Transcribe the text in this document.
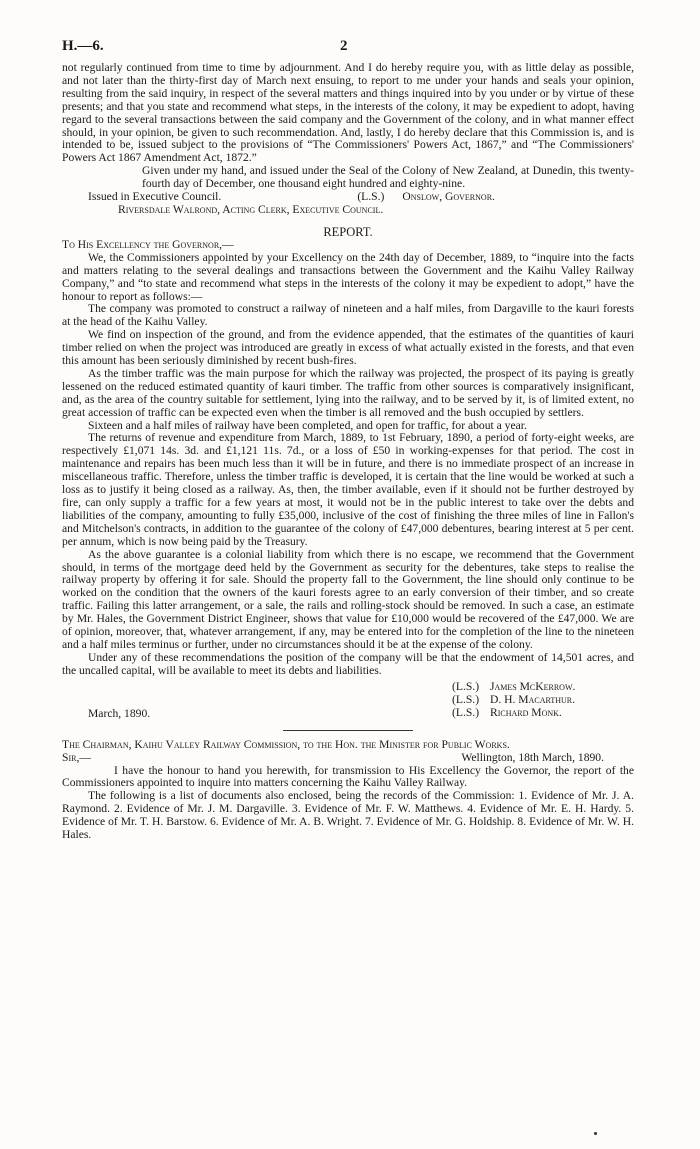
H.—6.	2

not regularly continued from time to time by adjournment. And I do hereby require you, with as little delay as possible, and not later than the thirty-first day of March next ensuing, to report to me under your hands and seals your opinion, resulting from the said inquiry, in respect of the several matters and things inquired into by you under or by virtue of these presents; and that you state and recommend what steps, in the interests of the colony, it may be expedient to adopt, having regard to the several transactions between the said company and the Government of the colony, and in what manner effect should, in your opinion, be given to such recommendation. And, lastly, I do hereby declare that this Commission is, and is intended to be, issued subject to the provisions of “The Commissioners' Powers Act, 1867,” and “The Commissioners' Powers Act 1867 Amendment Act, 1872.”

Given under my hand, and issued under the Seal of the Colony of New Zealand, at Dunedin, this twenty-fourth day of December, one thousand eight hundred and eighty-nine.

Issued in Executive Council.	(L.S.) Onslow, Governor.
Riversdale Walrond, Acting Clerk, Executive Council.
REPORT.
To His Excellency the Governor,—

We, the Commissioners appointed by your Excellency on the 24th day of December, 1889, to “inquire into the facts and matters relating to the several dealings and transactions between the Government and the Kaihu Valley Railway Company,” and “to state and recommend what steps in the interests of the colony it may be expedient to adopt,” have the honour to report as follows:—

The company was promoted to construct a railway of nineteen and a half miles, from Dargaville to the kauri forests at the head of the Kaihu Valley.

We find on inspection of the ground, and from the evidence appended, that the estimates of the quantities of kauri timber relied on when the project was introduced are greatly in excess of what actually existed in the forests, and that even this amount has been seriously diminished by recent bush-fires.

As the timber traffic was the main purpose for which the railway was projected, the prospect of its paying is greatly lessened on the reduced estimated quantity of kauri timber. The traffic from other sources is comparatively insignificant, and, as the area of the country suitable for settlement, lying into the railway, and to be served by it, is of limited extent, no great accession of traffic can be expected even when the timber is all removed and the bush occupied by settlers.

Sixteen and a half miles of railway have been completed, and open for traffic, for about a year.

The returns of revenue and expenditure from March, 1889, to 1st February, 1890, a period of forty-eight weeks, are respectively £1,071 14s. 3d. and £1,121 11s. 7d., or a loss of £50 in working-expenses for that period. The cost in maintenance and repairs has been much less than it will be in future, and there is no immediate prospect of an increase in miscellaneous traffic. Therefore, unless the timber traffic is developed, it is certain that the line would be worked at such a loss as to justify it being closed as a railway. As, then, the timber available, even if it should not be further destroyed by fire, can only supply a traffic for a few years at most, it would not be in the public interest to take over the debts and liabilities of the company, amounting to fully £35,000, inclusive of the cost of finishing the three miles of line in Fallon's and Mitchelson's contracts, in addition to the guarantee of the colony of £47,000 debentures, bearing interest at 5 per cent. per annum, which is now being paid by the Treasury.

As the above guarantee is a colonial liability from which there is no escape, we recommend that the Government should, in terms of the mortgage deed held by the Government as security for the debentures, take steps to realise the railway property by offering it for sale. Should the property fall to the Government, the line should only continue to be worked on the condition that the owners of the kauri forests agree to an early conversion of their timber, and so create traffic. Failing this latter arrangement, or a sale, the rails and rolling-stock should be removed. In such a case, an estimate by Mr. Hales, the Government District Engineer, shows that value for £10,000 would be recovered of the £47,000. We are of opinion, moreover, that, whatever arrangement, if any, may be entered into for the completion of the line to the nineteen and a half miles terminus or further, under no circumstances should it be at the expense of the colony.

Under any of these recommendations the position of the company will be that the endowment of 14,501 acres, and the uncalled capital, will be available to meet its debts and liabilities.

(L.S.) James McKerrow.
(L.S.) D. H. Macarthur.
(L.S.) Richard Monk.
March, 1890.
The Chairman, Kaihu Valley Railway Commission, to the Hon. the Minister for Public Works.
Sir,—	Wellington, 18th March, 1890.

I have the honour to hand you herewith, for transmission to His Excellency the Governor, the report of the Commissioners appointed to inquire into matters concerning the Kaihu Valley Railway.

The following is a list of documents also enclosed, being the records of the Commission: 1. Evidence of Mr. J. A. Raymond. 2. Evidence of Mr. J. M. Dargaville. 3. Evidence of Mr. F. W. Matthews. 4. Evidence of Mr. E. H. Hardy. 5. Evidence of Mr. T. H. Barstow. 6. Evidence of Mr. A. B. Wright. 7. Evidence of Mr. G. Holdship. 8. Evidence of Mr. W. H. Hales.
